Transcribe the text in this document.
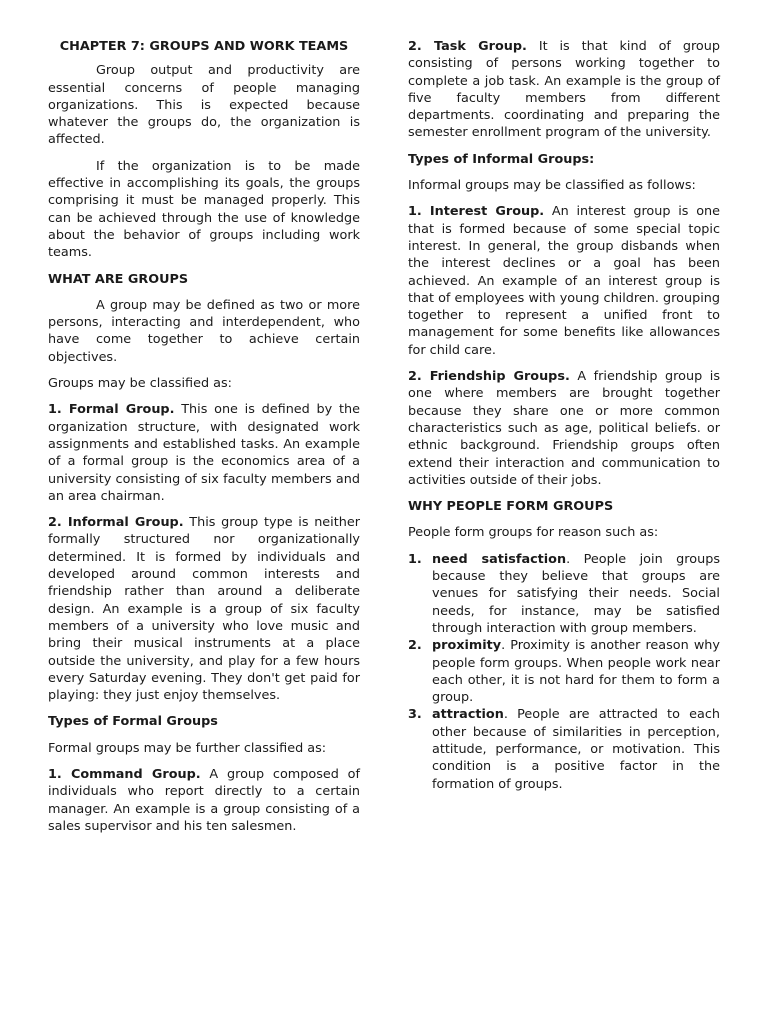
CHAPTER 7: GROUPS AND WORK TEAMS

Group output and productivity are essential concerns of people managing organizations. This is expected because whatever the groups do, the organization is affected.

If the organization is to be made effective in accomplishing its goals, the groups comprising it must be managed properly. This can be achieved through the use of knowledge about the behavior of groups including work teams.

WHAT ARE GROUPS

A group may be defined as two or more persons, interacting and interdependent, who have come together to achieve certain objectives.

Groups may be classified as:

1. Formal Group. This one is defined by the organization structure, with designated work assignments and established tasks. An example of a formal group is the economics area of a university consisting of six faculty members and an area chairman.

2. Informal Group. This group type is neither formally structured nor organizationally determined. It is formed by individuals and developed around common interests and friendship rather than around a deliberate design. An example is a group of six faculty members of a university who love music and bring their musical instruments at a place outside the university, and play for a few hours every Saturday evening. They don't get paid for playing: they just enjoy themselves.

Types of Formal Groups

Formal groups may be further classified as:

1. Command Group. A group composed of individuals who report directly to a certain manager. An example is a group consisting of a sales supervisor and his ten salesmen.

2. Task Group. It is that kind of group consisting of persons working together to complete a job task. An example is the group of five faculty members from different departments. coordinating and preparing the semester enrollment program of the university.

Types of Informal Groups:

Informal groups may be classified as follows:

1. Interest Group. An interest group is one that is formed because of some special topic interest. In general, the group disbands when the interest declines or a goal has been achieved. An example of an interest group is that of employees with young children. grouping together to represent a unified front to management for some benefits like allowances for child care.

2. Friendship Groups. A friendship group is one where members are brought together because they share one or more common characteristics such as age, political beliefs. or ethnic background. Friendship groups often extend their interaction and communication to activities outside of their jobs.

WHY PEOPLE FORM GROUPS

People form groups for reason such as:

1. need satisfaction. People join groups because they believe that groups are venues for satisfying their needs. Social needs, for instance, may be satisfied through interaction with group members.
2. proximity. Proximity is another reason why people form groups. When people work near each other, it is not hard for them to form a group.
3. attraction. People are attracted to each other because of similarities in perception, attitude, performance, or motivation. This condition is a positive factor in the formation of groups.
